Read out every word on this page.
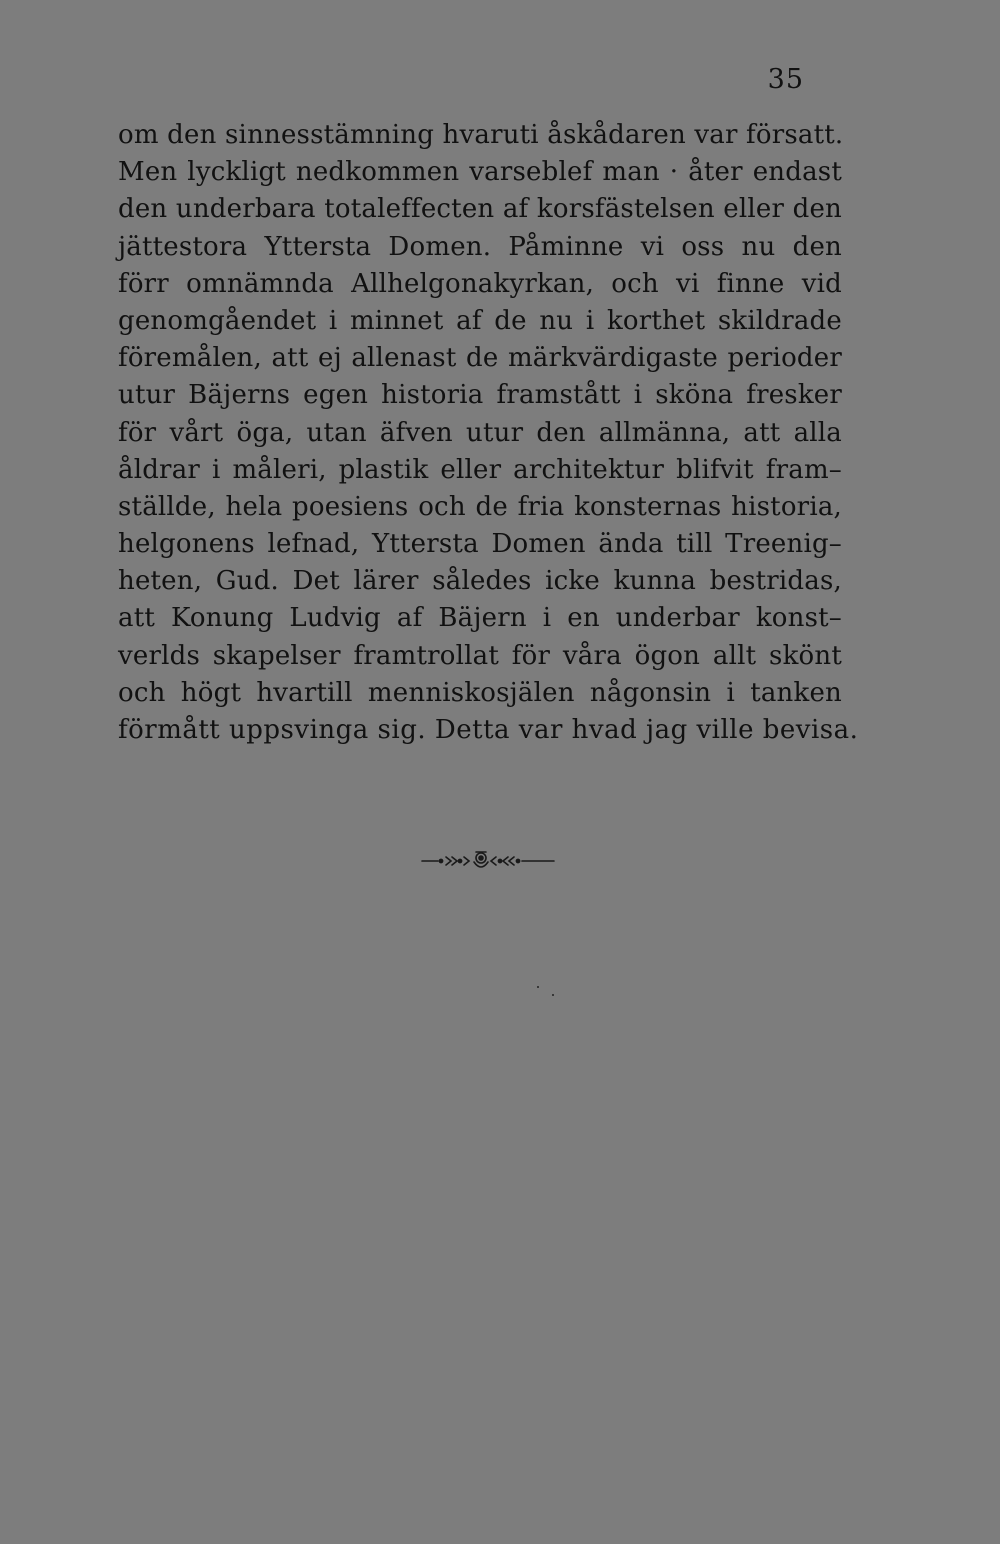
35
om den sinnesstämning hvaruti åskådaren var försatt.
Men lyckligt nedkommen varseblef man · åter endast
den underbara totaleffecten af korsfästelsen eller den
jättestora Yttersta Domen. Påminne vi oss nu den
förr omnämnda Allhelgonakyrkan, och vi finne vid
genomgåendet i minnet af de nu i korthet skildrade
föremålen, att ej allenast de märkvärdigaste perioder
utur Bäjerns egen historia framstått i sköna fresker
för vårt öga, utan äfven utur den allmänna, att alla
åldrar i måleri, plastik eller architektur blifvit fram–
ställde, hela poesiens och de fria konsternas historia,
helgonens lefnad, Yttersta Domen ända till Treenig–
heten, Gud. Det lärer således icke kunna bestridas,
att Konung Ludvig af Bäjern i en underbar konst–
verlds skapelser framtrollat för våra ögon allt skönt
och högt hvartill menniskosjälen någonsin i tanken
förmått uppsvinga sig. Detta var hvad jag ville bevisa.
